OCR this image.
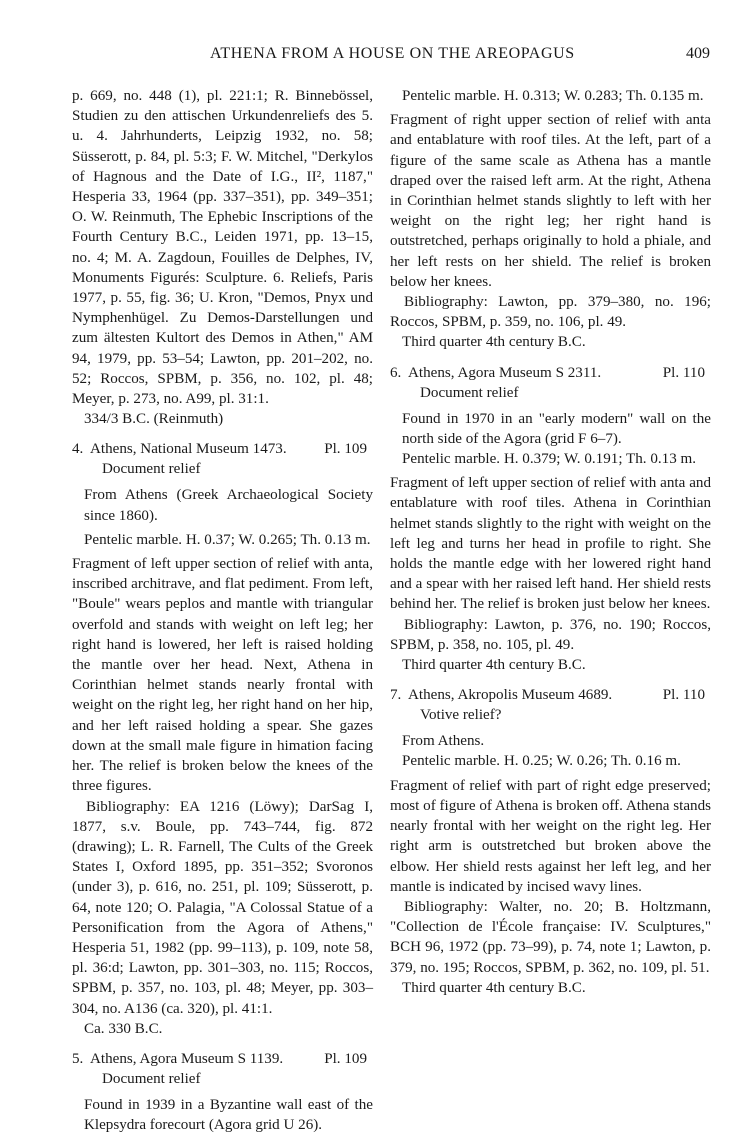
ATHENA FROM A HOUSE ON THE AREOPAGUS	409

p. 669, no. 448 (1), pl. 221:1; R. Binnebössel, Studien zu den attischen Urkundenreliefs des 5. u. 4. Jahrhunderts, Leipzig 1932, no. 58; Süsserott, p. 84, pl. 5:3; F. W. Mitchel, "Derkylos of Hagnous and the Date of I.G., II², 1187," Hesperia 33, 1964 (pp. 337–351), pp. 349–351; O. W. Reinmuth, The Ephebic Inscriptions of the Fourth Century B.C., Leiden 1971, pp. 13–15, no. 4; M. A. Zagdoun, Fouilles de Delphes, IV, Monuments Figurés: Sculpture. 6. Reliefs, Paris 1977, p. 55, fig. 36; U. Kron, "Demos, Pnyx und Nymphenhügel. Zu Demos-Darstellungen und zum ältesten Kultort des Demos in Athen," AM 94, 1979, pp. 53–54; Lawton, pp. 201–202, no. 52; Roccos, SPBM, p. 356, no. 102, pl. 48; Meyer, p. 273, no. A99, pl. 31:1.

334/3 B.C. (Reinmuth)

4. Athens, National Museum 1473. Pl. 109
Document relief

From Athens (Greek Archaeological Society since 1860).

Pentelic marble. H. 0.37; W. 0.265; Th. 0.13 m.

Fragment of left upper section of relief with anta, inscribed architrave, and flat pediment. From left, "Boule" wears peplos and mantle with triangular overfold and stands with weight on left leg; her right hand is lowered, her left is raised holding the mantle over her head. Next, Athena in Corinthian helmet stands nearly frontal with weight on the right leg, her right hand on her hip, and her left raised holding a spear. She gazes down at the small male figure in himation facing her. The relief is broken below the knees of the three figures.

Bibliography: EA 1216 (Löwy); DarSag I, 1877, s.v. Boule, pp. 743–744, fig. 872 (drawing); L. R. Farnell, The Cults of the Greek States I, Oxford 1895, pp. 351–352; Svoronos (under 3), p. 616, no. 251, pl. 109; Süsserott, p. 64, note 120; O. Palagia, "A Colossal Statue of a Personification from the Agora of Athens," Hesperia 51, 1982 (pp. 99–113), p. 109, note 58, pl. 36:d; Lawton, pp. 301–303, no. 115; Roccos, SPBM, p. 357, no. 103, pl. 48; Meyer, pp. 303–304, no. A136 (ca. 320), pl. 41:1.

Ca. 330 B.C.

5. Athens, Agora Museum S 1139.	Pl. 109
Document relief

Found in 1939 in a Byzantine wall east of the Klepsydra forecourt (Agora grid U 26).

Pentelic marble. H. 0.313; W. 0.283; Th. 0.135 m.

Fragment of right upper section of relief with anta and entablature with roof tiles. At the left, part of a figure of the same scale as Athena has a mantle draped over the raised left arm. At the right, Athena in Corinthian helmet stands slightly to left with her weight on the right leg; her right hand is outstretched, perhaps originally to hold a phiale, and her left rests on her shield. The relief is broken below her knees.

Bibliography: Lawton, pp. 379–380, no. 196; Roccos, SPBM, p. 359, no. 106, pl. 49.

Third quarter 4th century B.C.

6. Athens, Agora Museum S 2311.	Pl. 110
Document relief

Found in 1970 in an "early modern" wall on the north side of the Agora (grid F 6–7).

Pentelic marble. H. 0.379; W. 0.191; Th. 0.13 m.

Fragment of left upper section of relief with anta and entablature with roof tiles. Athena in Corinthian helmet stands slightly to the right with weight on the left leg and turns her head in profile to right. She holds the mantle edge with her lowered right hand and a spear with her raised left hand. Her shield rests behind her. The relief is broken just below her knees.

Bibliography: Lawton, p. 376, no. 190; Roccos, SPBM, p. 358, no. 105, pl. 49.

Third quarter 4th century B.C.

7. Athens, Akropolis Museum 4689.	Pl. 110
Votive relief?

From Athens.

Pentelic marble. H. 0.25; W. 0.26; Th. 0.16 m.

Fragment of relief with part of right edge preserved; most of figure of Athena is broken off. Athena stands nearly frontal with her weight on the right leg. Her right arm is outstretched but broken above the elbow. Her shield rests against her left leg, and her mantle is indicated by incised wavy lines.

Bibliography: Walter, no. 20; B. Holtzmann, "Collection de l'École française: IV. Sculptures," BCH 96, 1972 (pp. 73–99), p. 74, note 1; Lawton, p. 379, no. 195; Roccos, SPBM, p. 362, no. 109, pl. 51.

Third quarter 4th century B.C.
